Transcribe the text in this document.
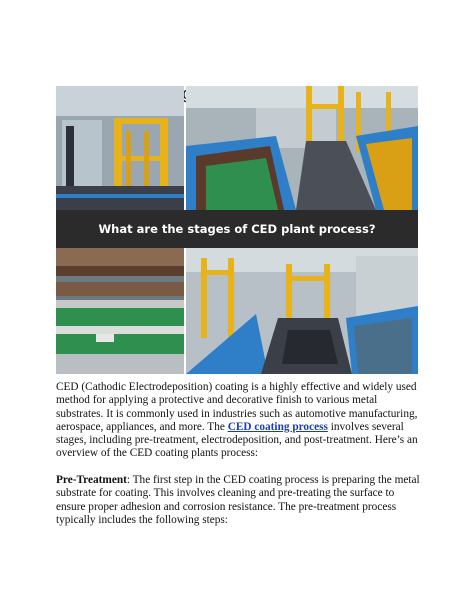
stages
What are the stages of CED plant process?
CED (Cathodic Electrodeposition) coating is a highly effective and widely used method for applying a protective and decorative finish to various metal substrates. It is commonly used in industries such as automotive manufacturing, aerospace, appliances, and more. The CED coating process involves several stages, including pre-treatment, electrodeposition, and post-treatment. Here’s an overview of the CED coating plants process:
Pre-Treatment: The first step in the CED coating process is preparing the metal substrate for coating. This involves cleaning and pre-treating the surface to ensure proper adhesion and corrosion resistance. The pre-treatment process typically includes the following steps:
